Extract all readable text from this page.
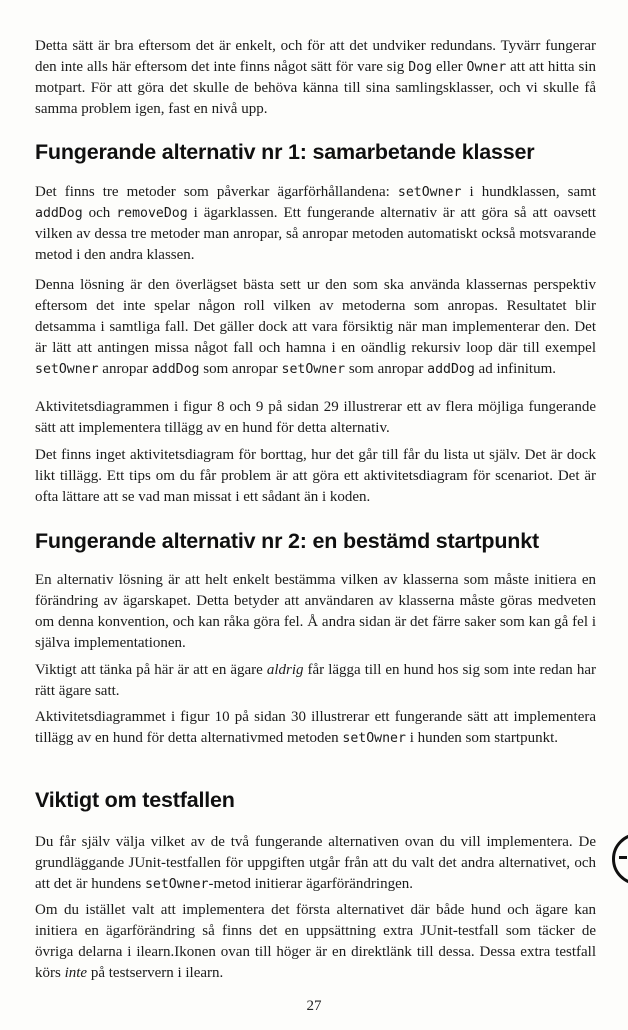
Detta sätt är bra eftersom det är enkelt, och för att det undviker redundans. Tyvärr fungerar den inte alls här eftersom det inte finns något sätt för vare sig Dog eller Owner att att hitta sin motpart. För att göra det skulle de behöva känna till sina samlingsklasser, och vi skulle få samma problem igen, fast en nivå upp.

Fungerande alternativ nr 1: samarbetande klasser

Det finns tre metoder som påverkar ägarförhållandena: setOwner i hundklassen, samt addDog och removeDog i ägarklassen. Ett fungerande alternativ är att göra så att oavsett vilken av dessa tre metoder man anropar, så anropar metoden automatiskt också motsvarande metod i den andra klassen.

Denna lösning är den överlägset bästa sett ur den som ska använda klassernas perspektiv eftersom det inte spelar någon roll vilken av metoderna som anropas. Resultatet blir detsamma i samtliga fall. Det gäller dock att vara försiktig när man implementerar den. Det är lätt att antingen missa något fall och hamna i en oändlig rekursiv loop där till exempel setOwner anropar addDog som anropar setOwner som anropar addDog ad infinitum.

Aktivitetsdiagrammen i figur 8 och 9 på sidan 29 illustrerar ett av flera möjliga fungerande sätt att implementera tillägg av en hund för detta alternativ.

Det finns inget aktivitetsdiagram för borttag, hur det går till får du lista ut själv. Det är dock likt tillägg. Ett tips om du får problem är att göra ett aktivitetsdiagram för scenariot. Det är ofta lättare att se vad man missat i ett sådant än i koden.

Fungerande alternativ nr 2: en bestämd startpunkt

En alternativ lösning är att helt enkelt bestämma vilken av klasserna som måste initiera en förändring av ägarskapet. Detta betyder att användaren av klasserna måste göras medveten om denna konvention, och kan råka göra fel. Å andra sidan är det färre saker som kan gå fel i själva implementationen.

Viktigt att tänka på här är att en ägare aldrig får lägga till en hund hos sig som inte redan har rätt ägare satt.

Aktivitetsdiagrammet i figur 10 på sidan 30 illustrerar ett fungerande sätt att implementera tillägg av en hund för detta alternativmed metoden setOwner i hunden som startpunkt.

Viktigt om testfallen

Du får själv välja vilket av de två fungerande alternativen ovan du vill implementera. De grundläggande JUnit-testfallen för uppgiften utgår från att du valt det andra alternativet, och att det är hundens setOwner-metod initierar ägarförändringen.

Om du istället valt att implementera det första alternativet där både hund och ägare kan initiera en ägarförändring så finns det en uppsättning extra JUnit-testfall som täcker de övriga delarna i ilearn.Ikonen ovan till höger är en direktlänk till dessa. Dessa extra testfall körs inte på testservern i ilearn.

27
